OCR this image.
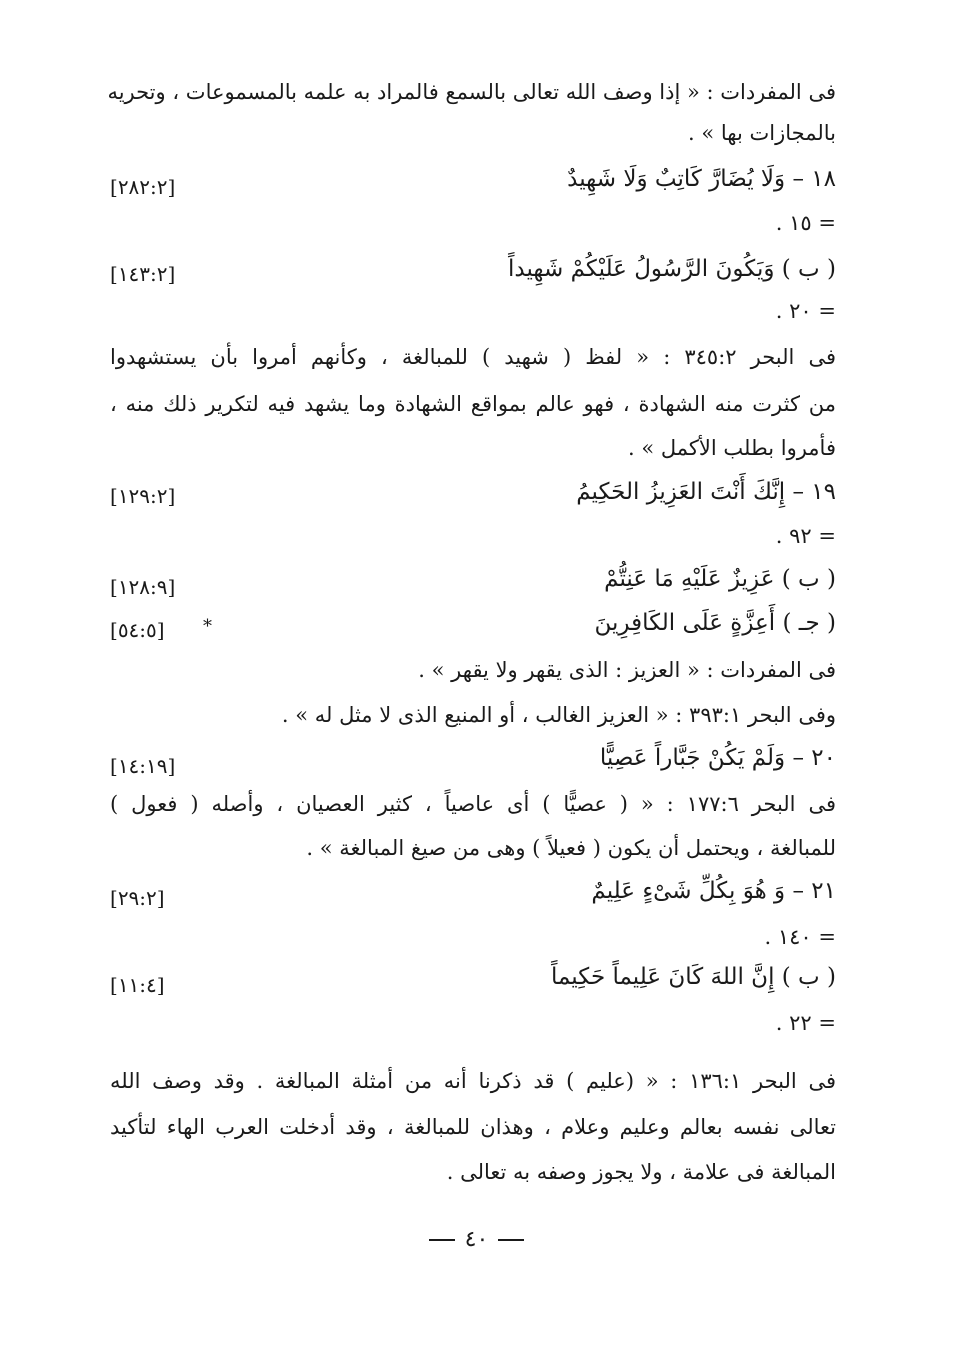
فى المفردات : « إذا وصف الله تعالى بالسمع فالمراد به علمه بالمسموعات ، وتحريه
بالمجازات بها » .
١٨ – وَلَا يُضَارَّ كَاتِبٌ وَلَا شَهِيدٌ
[٢٨٢:٢]
= ١٥ .
( ب ) وَيَكُونَ الرَّسُولُ عَلَيْكُمْ شَهِيداً
[١٤٣:٢]
= ٢٠ .
فى البحر ٣٤٥:٢ : « لفظ ( شهيد ) للمبالغة ، وكأنهم أمروا بأن يستشهدوا
من كثرت منه الشهادة ، فهو عالم بمواقع الشهادة وما يشهد فيه لتكرير ذلك منه ،
فأمروا بطلب الأكمل » .
١٩ – إِنَّكَ أَنْتَ العَزِيزُ الحَكِيمُ
[١٢٩:٢]
= ٩٢ .
( ب ) عَزِيزٌ عَلَيْهِ مَا عَنِتُّمْ
[١٢٨:٩]
( جـ ) أَعِزَّةٍ عَلَى الكَافِرِينَ
[٥٤:٥] *
فى المفردات : « العزيز : الذى يقهر ولا يقهر » .
وفى البحر ٣٩٣:١ : « العزيز الغالب ، أو المنيع الذى لا مثل له » .
٢٠ – وَلَمْ يَكُنْ جَبَّاراً عَصِيًّا
[١٤:١٩]
فى البحر ١٧٧:٦ : « ( عصيًّا ) أى عاصياً ، كثير العصيان ، وأصله ( فعول )
للمبالغة ، ويحتمل أن يكون ( فعيلاً ) وهى من صيغ المبالغة » .
٢١ – وَ هُوَ بِكُلِّ شَىْءٍ عَلِيمٌ
[٢٩:٢]
= ١٤٠ .
( ب ) إِنَّ اللهَ كَانَ عَلِيماً حَكِيماً
[١١:٤]
= ٢٢ .
فى البحر ١٣٦:١ : « (عليم ) قد ذكرنا أنه من أمثلة المبالغة . وقد وصف الله
تعالى نفسه بعالم وعليم وعلام ، وهذان للمبالغة ، وقد أدخلت العرب الهاء لتأكيد
المبالغة فى علامة ، ولا يجوز وصفه به تعالى .
٤٠
